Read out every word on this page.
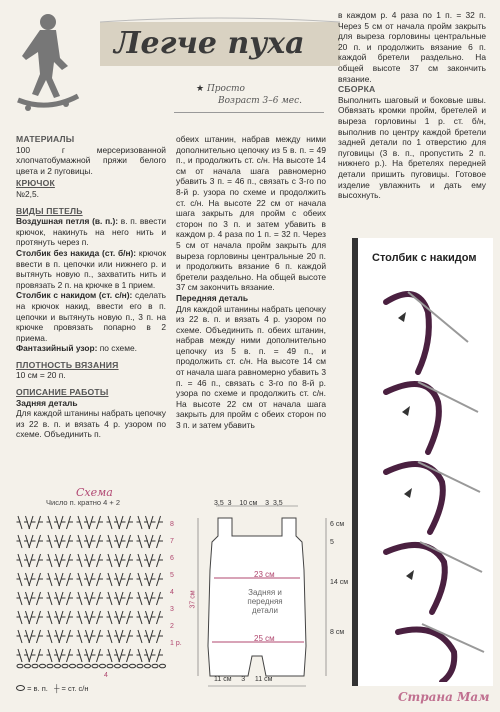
Легче пуха
★ Просто
Возраст 3–6 мес.
МАТЕРИАЛЫ

100 г мерсеризованной хлопчатобумажной пряжи белого цвета и 2 пуговицы.

КРЮЧОК

№2,5.

ВИДЫ ПЕТЕЛЬ

Воздушная петля (в. п.): в. п. ввести крючок, накинуть на него нить и протянуть через п.

Столбик без накида (ст. б/н): крючок ввести в п. цепочки или нижнего р. и вытянуть новую п., захватить нить и провязать 2 п. на крючке в 1 прием.

Столбик с накидом (ст. с/н): сделать на крючок накид, ввести его в п. цепочки и вытянуть новую п., 3 п. на крючке провязать попарно в 2 приема.

Фантазийный узор: по схеме.

ПЛОТНОСТЬ ВЯЗАНИЯ

10 см = 20 п.

ОПИСАНИЕ РАБОТЫ
Задняя деталь

Для каждой штанины набрать цепочку из 22 в. п. и вязать 4 р. узором по схеме. Объединить п.

обеих штанин, набрав между ними дополнительно цепочку из 5 в. п. = 49 п., и продолжить ст. с/н. На высоте 14 см от начала шага равномерно убавить 3 п. = 46 п., связать с 3-го по 8-й р. узора по схеме и продолжить ст. с/н. На высоте 22 см от начала шага закрыть для пройм с обеих сторон по 3 п. и затем убавить в каждом р. 4 раза по 1 п. = 32 п. Через 5 см от начала пройм закрыть для выреза горловины центральные 20 п. и продолжить вязание 6 п. каждой бретели раздельно. На общей высоте 37 см закончить вязание.

Передняя деталь

Для каждой штанины набрать цепочку из 22 в. п. и вязать 4 р. узором по схеме. Объединить п. обеих штанин, набрав между ними дополнительно цепочку из 5 в. п. = 49 п., и продолжить ст. с/н. На высоте 14 см от начала шага равномерно убавить 3 п. = 46 п., связать с 3-го по 8-й р. узора по схеме и продолжить ст. с/н. На высоте 22 см от начала шага закрыть для пройм с обеих сторон по 3 п. и затем убавить

в каждом р. 4 раза по 1 п. = 32 п. Через 5 см от начала пройм закрыть для выреза горловины центральные 20 п. и продолжить вязание 6 п. каждой бретели раздельно. На общей высоте 37 см закончить вязание.

СБОРКА

Выполнить шаговый и боковые швы. Обвязать кромки пройм, бретелей и выреза горловины 1 р. ст. б/н, выполнив по центру каждой бретели задней детали по 1 отверстию для пуговицы (3 в. п., пропустить 2 п. нижнего р.). На бретелях передней детали пришить пуговицы. Готовое изделие увлажнить и дать ему высохнуть.

Столбик с накидом
Схема
Число п. кратно 4 + 2
8
7
6
5
4
3
2
1 р.
= в. п. ┼ = ст. с/н
4
3,5 3 10 см 3 3,5
6 см
5
14 см
8 см
23 см
25 см
37 см	Задняя и передняя детали
11 см 3 11 см
Страна Мам
